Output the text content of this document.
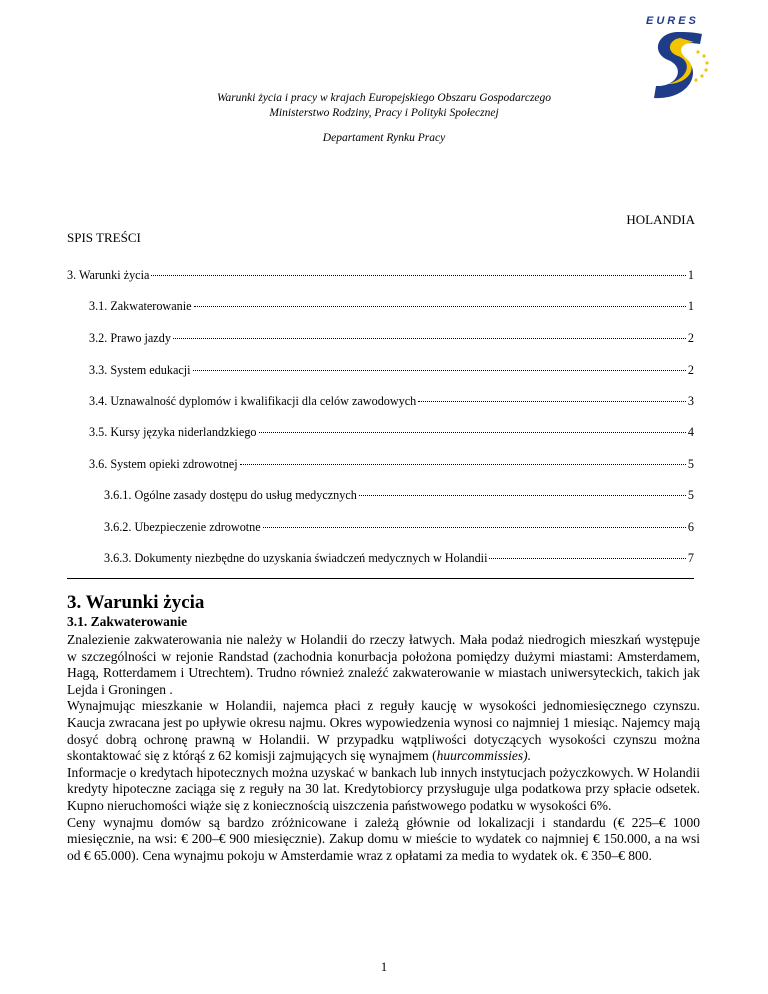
EURES
Warunki życia i pracy w krajach Europejskiego Obszaru Gospodarczego
Ministerstwo Rodziny, Pracy i Polityki Społecznej
Departament Rynku Pracy
HOLANDIA
SPIS TREŚCI
3. Warunki życia	1
3.1. Zakwaterowanie	1
3.2. Prawo jazdy	2
3.3. System edukacji	2
3.4. Uznawalność dyplomów i kwalifikacji dla celów zawodowych	3
3.5. Kursy języka niderlandzkiego	4
3.6. System opieki zdrowotnej	5
3.6.1. Ogólne zasady dostępu do usług medycznych	5
3.6.2. Ubezpieczenie zdrowotne	6
3.6.3. Dokumenty niezbędne do uzyskania świadczeń medycznych w Holandii	7
3. Warunki życia
3.1. Zakwaterowanie

Znalezienie zakwaterowania nie należy w Holandii do rzeczy łatwych. Mała podaż niedrogich mieszkań występuje w szczególności w rejonie Randstad (zachodnia konurbacja położona pomiędzy dużymi miastami: Amsterdamem, Hagą, Rotterdamem i Utrechtem). Trudno również znaleźć zakwaterowanie w miastach uniwersyteckich, takich jak Lejda i Groningen .

Wynajmując mieszkanie w Holandii, najemca płaci z reguły kaucję w wysokości jednomiesięcznego czynszu. Kaucja zwracana jest po upływie okresu najmu. Okres wypowiedzenia wynosi co najmniej 1 miesiąc. Najemcy mają dosyć dobrą ochronę prawną w Holandii. W przypadku wątpliwości dotyczących wysokości czynszu można skontaktować się z którąś z 62 komisji zajmujących się wynajmem (huurcommissies).

Informacje o kredytach hipotecznych można uzyskać w bankach lub innych instytucjach pożyczkowych. W Holandii kredyty hipoteczne zaciąga się z reguły na 30 lat. Kredytobiorcy przysługuje ulga podatkowa przy spłacie odsetek. Kupno nieruchomości wiąże się z koniecznością uiszczenia państwowego podatku w wysokości 6%.

Ceny wynajmu domów są bardzo zróżnicowane i zależą głównie od lokalizacji i standardu (€ 225–€ 1000 miesięcznie, na wsi: € 200–€ 900 miesięcznie). Zakup domu w mieście to wydatek co najmniej € 150.000, a na wsi od € 65.000). Cena wynajmu pokoju w Amsterdamie wraz z opłatami za media to wydatek ok. € 350–€ 800.

1
